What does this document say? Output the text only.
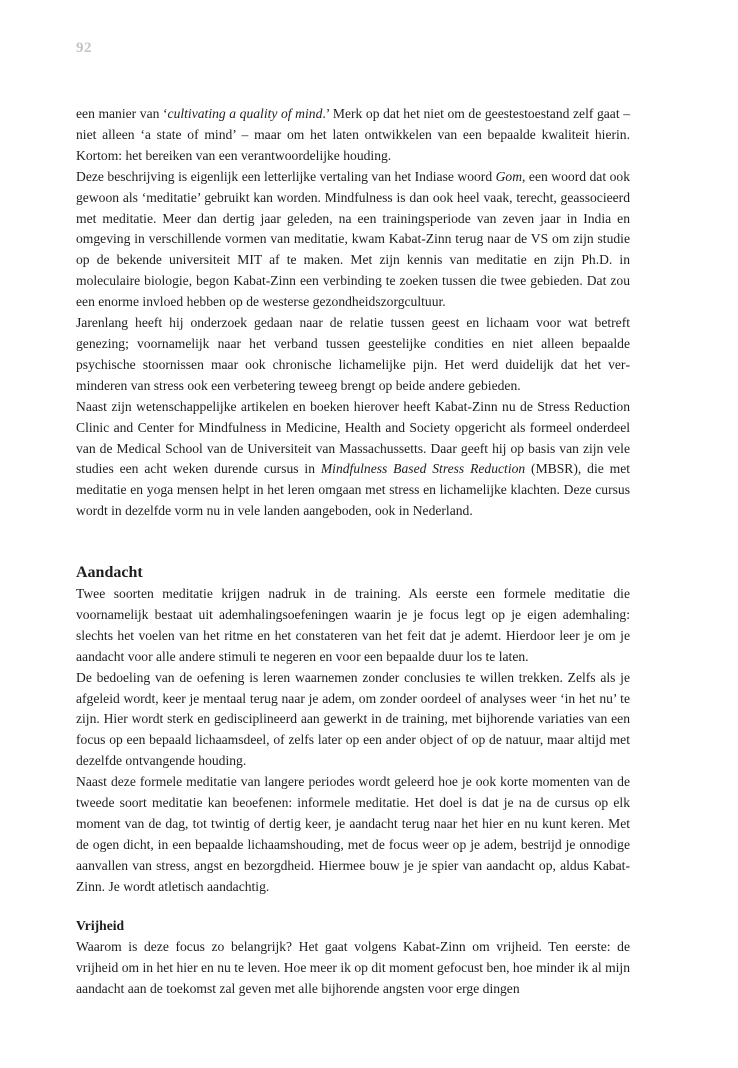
92

een manier van ‘cultivating a quality of mind.’ Merk op dat het niet om de geestestoestand zelf gaat – niet alleen ‘a state of mind’ – maar om het laten ontwikkelen van een bepaalde kwaliteit hierin. Kortom: het bereiken van een verantwoordelijke houding.

Deze beschrijving is eigenlijk een letterlijke vertaling van het Indiase woord Gom, een woord dat ook gewoon als ‘meditatie’ gebruikt kan worden. Mindfulness is dan ook heel vaak, terecht, geassocieerd met meditatie. Meer dan dertig jaar geleden, na een trainingsperiode van zeven jaar in India en omgeving in verschillende vormen van meditatie, kwam Kabat-Zinn terug naar de VS om zijn studie op de bekende universiteit MIT af te maken. Met zijn kennis van meditatie en zijn Ph.D. in moleculaire biologie, begon Kabat-Zinn een verbinding te zoeken tussen die twee gebieden. Dat zou een enorme invloed hebben op de westerse gezondheidszorgcultuur.

Jarenlang heeft hij onderzoek gedaan naar de relatie tussen geest en lichaam voor wat betreft genezing; voornamelijk naar het verband tussen geestelijke condities en niet alleen bepaalde psychische stoornissen maar ook chronische lichamelijke pijn. Het werd duidelijk dat het verminderen van stress ook een verbetering teweeg brengt op beide andere gebieden.

Naast zijn wetenschappelijke artikelen en boeken hierover heeft Kabat-Zinn nu de Stress Reduction Clinic and Center for Mindfulness in Medicine, Health and Society opgericht als formeel onderdeel van de Medical School van de Universiteit van Massachussetts. Daar geeft hij op basis van zijn vele studies een acht weken durende cursus in Mindfulness Based Stress Reduction (MBSR), die met meditatie en yoga mensen helpt in het leren omgaan met stress en lichamelijke klachten. Deze cursus wordt in dezelfde vorm nu in vele landen aangeboden, ook in Nederland.

Aandacht

Twee soorten meditatie krijgen nadruk in de training. Als eerste een formele meditatie die voornamelijk bestaat uit ademhalingsoefeningen waarin je je focus legt op je eigen ademhaling: slechts het voelen van het ritme en het constateren van het feit dat je ademt. Hierdoor leer je om je aandacht voor alle andere stimuli te negeren en voor een bepaalde duur los te laten.

De bedoeling van de oefening is leren waarnemen zonder conclusies te willen trekken. Zelfs als je afgeleid wordt, keer je mentaal terug naar je adem, om zonder oordeel of analyses weer ‘in het nu’ te zijn. Hier wordt sterk en gedisciplineerd aan gewerkt in de training, met bijhorende variaties van een focus op een bepaald lichaamsdeel, of zelfs later op een ander object of op de natuur, maar altijd met dezelfde ontvangende houding.

Naast deze formele meditatie van langere periodes wordt geleerd hoe je ook korte momenten van de tweede soort meditatie kan beoefenen: informele meditatie. Het doel is dat je na de cursus op elk moment van de dag, tot twintig of dertig keer, je aandacht terug naar het hier en nu kunt keren. Met de ogen dicht, in een bepaalde lichaamshouding, met de focus weer op je adem, bestrijd je onnodige aanvallen van stress, angst en bezorgdheid. Hiermee bouw je je spier van aandacht op, aldus Kabat-Zinn. Je wordt atletisch aandachtig.

Vrijheid

Waarom is deze focus zo belangrijk? Het gaat volgens Kabat-Zinn om vrijheid. Ten eerste: de vrijheid om in het hier en nu te leven. Hoe meer ik op dit moment gefocust ben, hoe minder ik al mijn aandacht aan de toekomst zal geven met alle bijhorende angsten voor erge dingen
